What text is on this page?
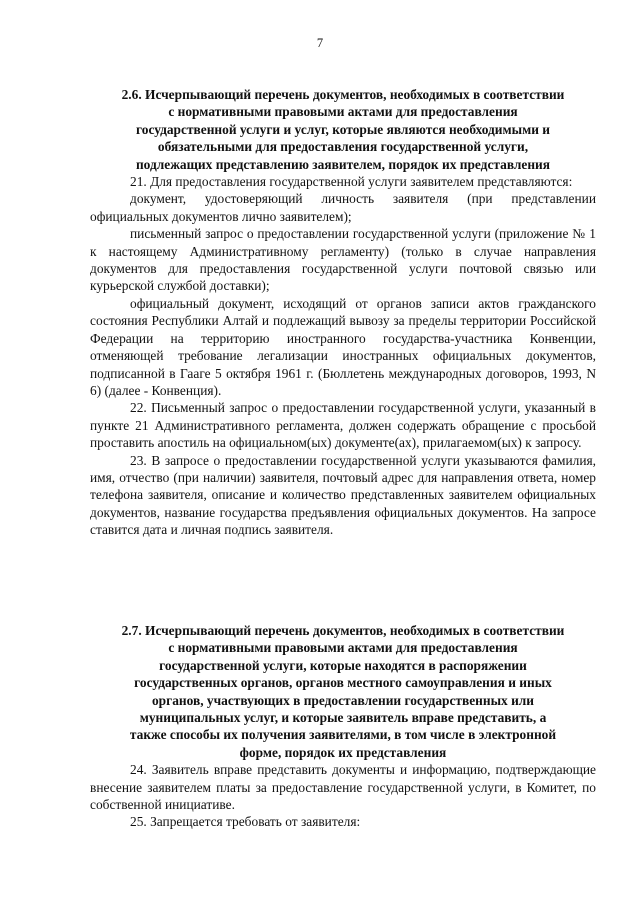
7
2.6. Исчерпывающий перечень документов, необходимых в соответствии
с нормативными правовыми актами для предоставления
государственной услуги и услуг, которые являются необходимыми и
обязательными для предоставления государственной услуги,
подлежащих представлению заявителем, порядок их представления

21. Для предоставления государственной услуги заявителем представляются:

документ, удостоверяющий личность заявителя (при представлении официальных документов лично заявителем);

письменный запрос о предоставлении государственной услуги (приложение № 1 к настоящему Административному регламенту) (только в случае направления документов для предоставления государственной услуги почтовой связью или курьерской службой доставки);

официальный документ, исходящий от органов записи актов гражданского состояния Республики Алтай и подлежащий вывозу за пределы территории Российской Федерации на территорию иностранного государства-участника Конвенции, отменяющей требование легализации иностранных официальных документов, подписанной в Гааге 5 октября 1961 г. (Бюллетень международных договоров, 1993, N 6) (далее - Конвенция).

22. Письменный запрос о предоставлении государственной услуги, указанный в пункте 21 Административного регламента, должен содержать обращение с просьбой проставить апостиль на официальном(ых) документе(ах), прилагаемом(ых) к запросу.

23. В запросе о предоставлении государственной услуги указываются фамилия, имя, отчество (при наличии) заявителя, почтовый адрес для направления ответа, номер телефона заявителя, описание и количество представленных заявителем официальных документов, название государства предъявления официальных документов. На запросе ставится дата и личная подпись заявителя.

2.7. Исчерпывающий перечень документов, необходимых в соответствии
с нормативными правовыми актами для предоставления
государственной услуги, которые находятся в распоряжении
государственных органов, органов местного самоуправления и иных
органов, участвующих в предоставлении государственных или
муниципальных услуг, и которые заявитель вправе представить, а
также способы их получения заявителями, в том числе в электронной
форме, порядок их представления

24. Заявитель вправе представить документы и информацию, подтверждающие внесение заявителем платы за предоставление государственной услуги, в Комитет, по собственной инициативе.

25. Запрещается требовать от заявителя:
